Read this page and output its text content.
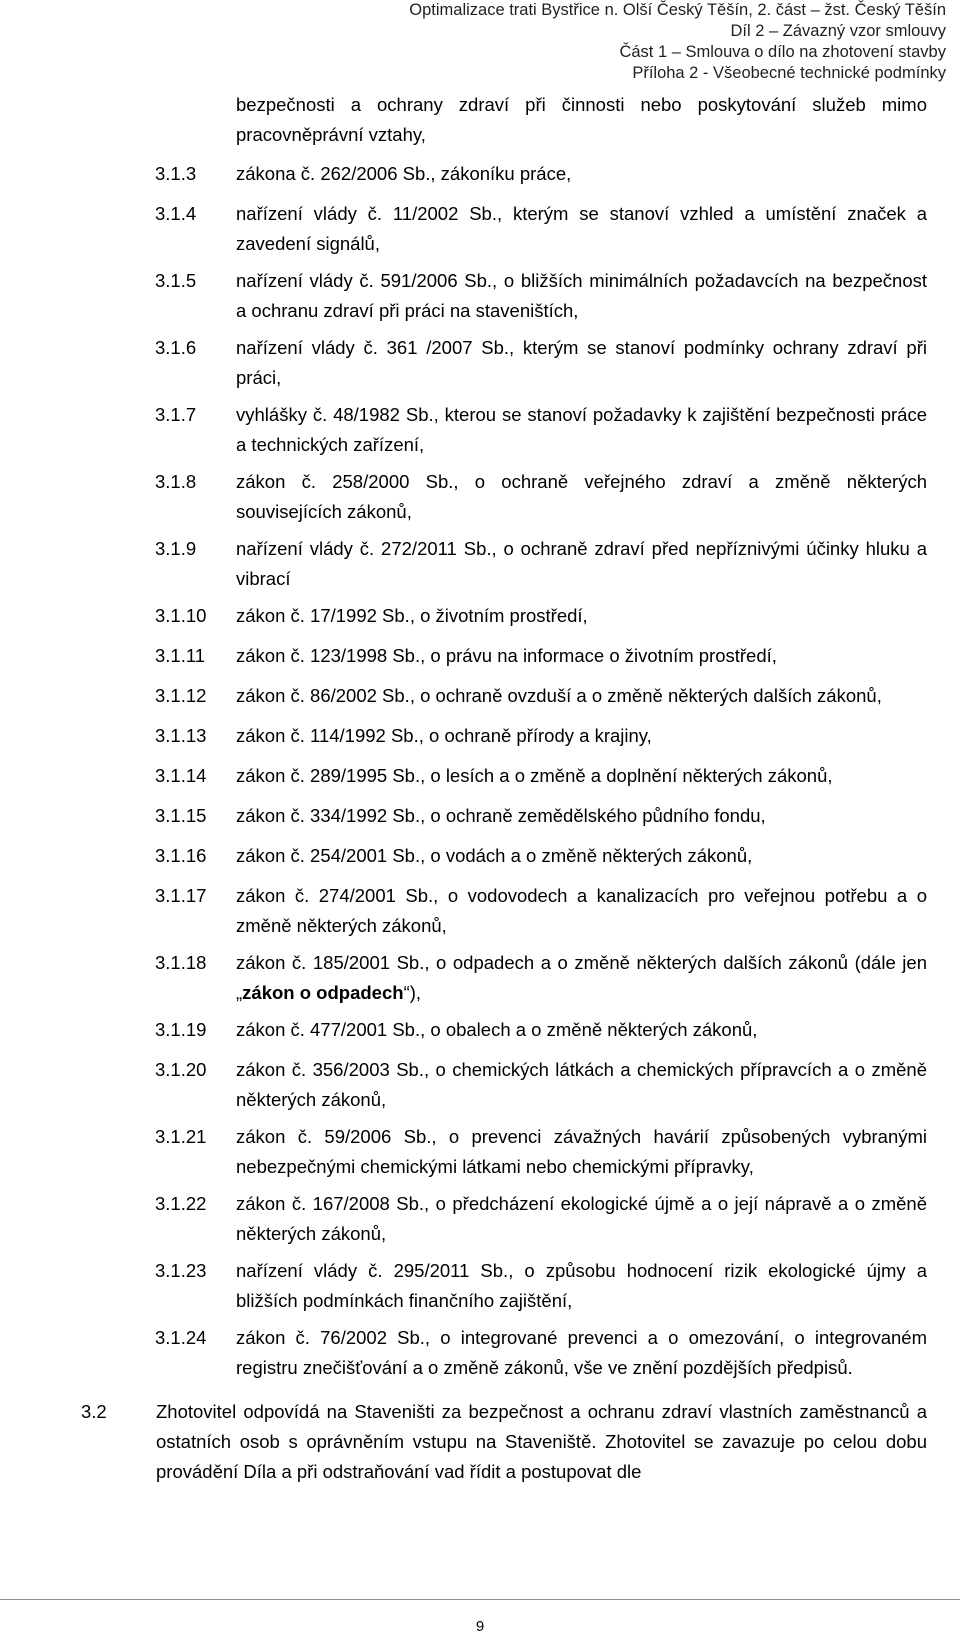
Optimalizace trati Bystřice n. Olší Český Těšín, 2. část – žst. Český Těšín
Díl 2 – Závazný vzor smlouvy
Část 1 – Smlouva o dílo na zhotovení stavby
Příloha 2 - Všeobecné technické podmínky
bezpečnosti a ochrany zdraví při činnosti nebo poskytování služeb mimo pracovněprávní vztahy,
3.1.3 zákona č. 262/2006 Sb., zákoníku práce,
3.1.4 nařízení vlády č. 11/2002 Sb., kterým se stanoví vzhled a umístění značek a zavedení signálů,
3.1.5 nařízení vlády č. 591/2006 Sb., o bližších minimálních požadavcích na bezpečnost a ochranu zdraví při práci na staveništích,
3.1.6 nařízení vlády č. 361 /2007 Sb., kterým se stanoví podmínky ochrany zdraví při práci,
3.1.7 vyhlášky č. 48/1982 Sb., kterou se stanoví požadavky k zajištění bezpečnosti práce a technických zařízení,
3.1.8 zákon č. 258/2000 Sb., o ochraně veřejného zdraví a změně některých souvisejících zákonů,
3.1.9 nařízení vlády č. 272/2011 Sb., o ochraně zdraví před nepříznivými účinky hluku a vibrací
3.1.10 zákon č. 17/1992 Sb., o životním prostředí,
3.1.11 zákon č. 123/1998 Sb., o právu na informace o životním prostředí,
3.1.12 zákon č. 86/2002 Sb., o ochraně ovzduší a o změně některých dalších zákonů,
3.1.13 zákon č. 114/1992 Sb., o ochraně přírody a krajiny,
3.1.14 zákon č. 289/1995 Sb., o lesích a o změně a doplnění některých zákonů,
3.1.15 zákon č. 334/1992 Sb., o ochraně zemědělského půdního fondu,
3.1.16 zákon č. 254/2001 Sb., o vodách a o změně některých zákonů,
3.1.17 zákon č. 274/2001 Sb., o vodovodech a kanalizacích pro veřejnou potřebu a o změně některých zákonů,
3.1.18 zákon č. 185/2001 Sb., o odpadech a o změně některých dalších zákonů (dále jen „zákon o odpadech“),
3.1.19 zákon č. 477/2001 Sb., o obalech a o změně některých zákonů,
3.1.20 zákon č. 356/2003 Sb., o chemických látkách a chemických přípravcích a o změně některých zákonů,
3.1.21 zákon č. 59/2006 Sb., o prevenci závažných havárií způsobených vybranými nebezpečnými chemickými látkami nebo chemickými přípravky,
3.1.22 zákon č. 167/2008 Sb., o předcházení ekologické újmě a o její nápravě a o změně některých zákonů,
3.1.23 nařízení vlády č. 295/2011 Sb., o způsobu hodnocení rizik ekologické újmy a bližších podmínkách finančního zajištění,
3.1.24 zákon č. 76/2002 Sb., o integrované prevenci a o omezování, o integrovaném registru znečišťování a o změně zákonů, vše ve znění pozdějších předpisů.
3.2	Zhotovitel odpovídá na Staveništi za bezpečnost a ochranu zdraví vlastních zaměstnanců a ostatních osob s oprávněním vstupu na Staveniště. Zhotovitel se zavazuje po celou dobu provádění Díla a při odstraňování vad řídit a postupovat dle
9
